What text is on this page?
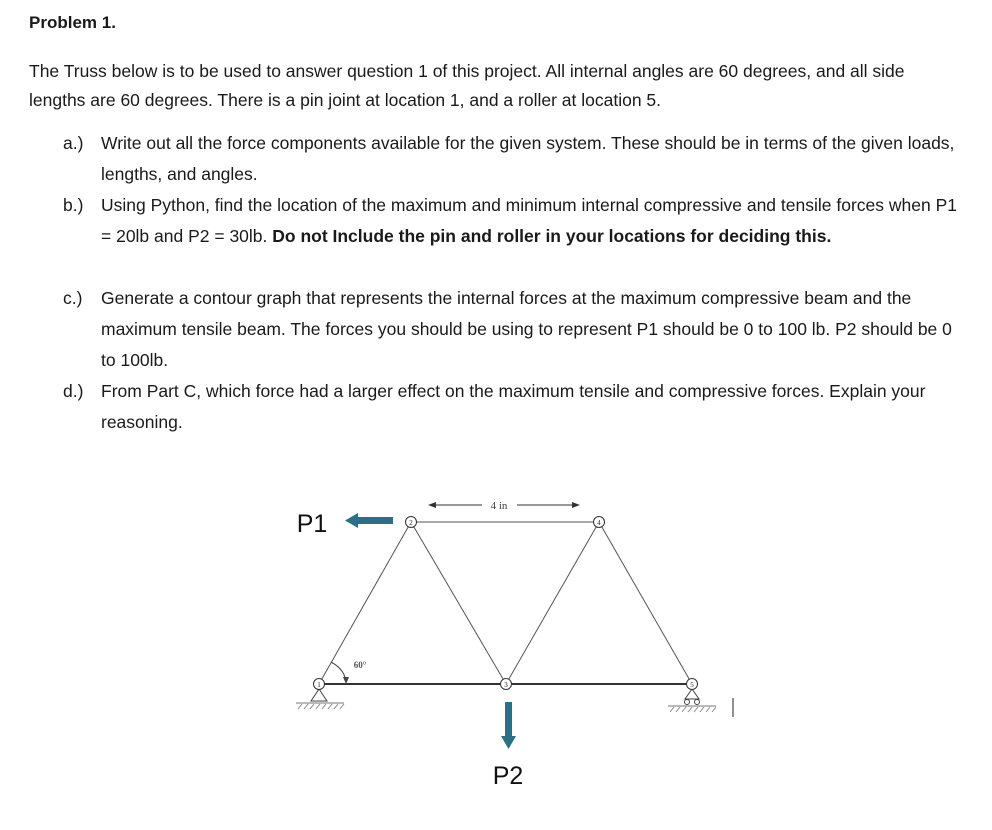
Problem 1.
The Truss below is to be used to answer question 1 of this project. All internal angles are 60 degrees, and all side lengths are 60 degrees. There is a pin joint at location 1, and a roller at location 5.
a.)	Write out all the force components available for the given system. These should be in terms of the given loads, lengths, and angles.
b.)	Using Python, find the location of the maximum and minimum internal compressive and tensile forces when P1 = 20lb and P2 = 30lb. Do not Include the pin and roller in your locations for deciding this.
c.)	Generate a contour graph that represents the internal forces at the maximum compressive beam and the maximum tensile beam. The forces you should be using to represent P1 should be 0 to 100 lb. P2 should be 0 to 100lb.
d.)	From Part C, which force had a larger effect on the maximum tensile and compressive forces. Explain your reasoning.
4 in
60°
1
2
3
4
5
P1
P2
